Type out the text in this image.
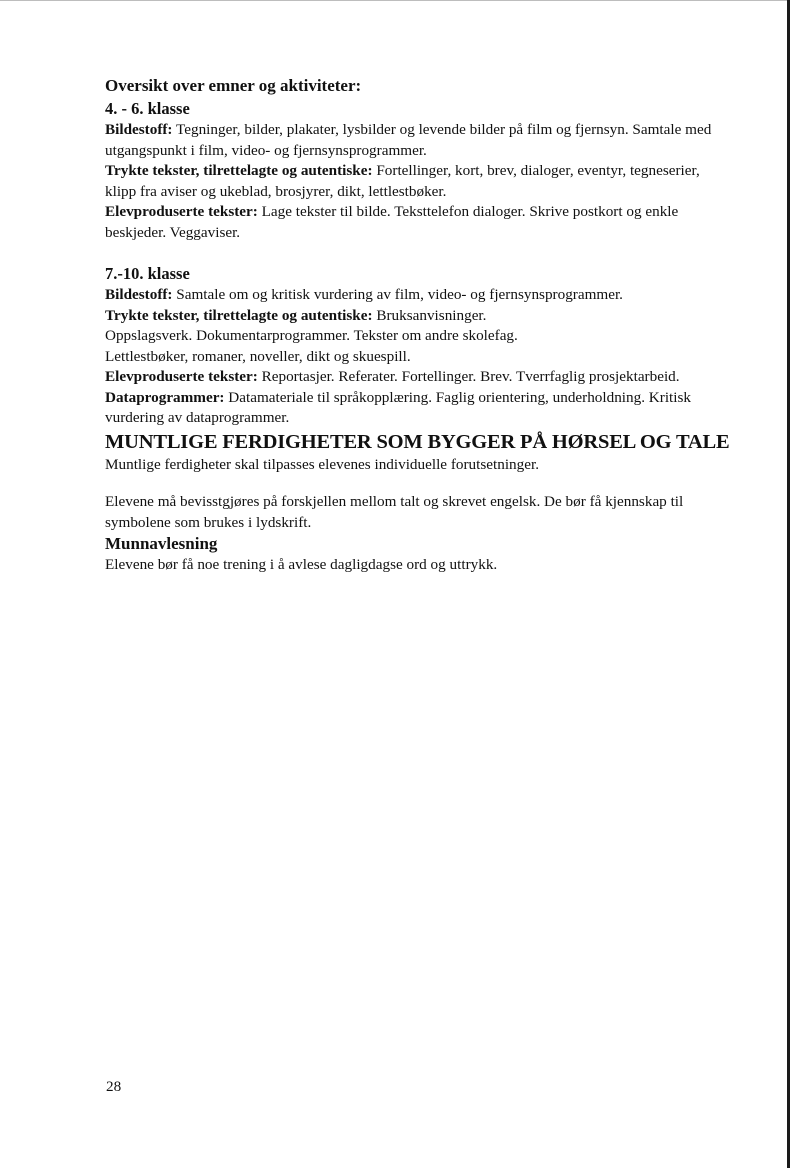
Oversikt over emner og aktiviteter:

4. - 6. klasse

Bildestoff: Tegninger, bilder, plakater, lysbilder og levende bilder på film og fjernsyn. Samtale med utgangspunkt i film, video- og fjernsynsprogrammer.

Trykte tekster, tilrettelagte og autentiske: Fortellinger, kort, brev, dialoger, eventyr, tegneserier, klipp fra aviser og ukeblad, brosjyrer, dikt, lettlestbøker.

Elevproduserte tekster: Lage tekster til bilde. Teksttelefon dialoger. Skrive postkort og enkle beskjeder. Veggaviser.

7.-10. klasse

Bildestoff: Samtale om og kritisk vurdering av film, video- og fjernsynsprogrammer.

Trykte tekster, tilrettelagte og autentiske: Bruksanvisninger.

Oppslagsverk. Dokumentarprogrammer. Tekster om andre skolefag.

Lettlestbøker, romaner, noveller, dikt og skuespill.

Elevproduserte tekster: Reportasjer. Referater. Fortellinger. Brev. Tverrfaglig prosjektarbeid.

Dataprogrammer: Datamateriale til språkopplæring. Faglig orientering, underholdning. Kritisk vurdering av dataprogrammer.

MUNTLIGE FERDIGHETER SOM BYGGER PÅ HØRSEL OG TALE

Muntlige ferdigheter skal tilpasses elevenes individuelle forutsetninger.

Elevene må bevisstgjøres på forskjellen mellom talt og skrevet engelsk. De bør få kjennskap til symbolene som brukes i lydskrift.

Munnavlesning

Elevene bør få noe trening i å avlese dagligdagse ord og uttrykk.

28
